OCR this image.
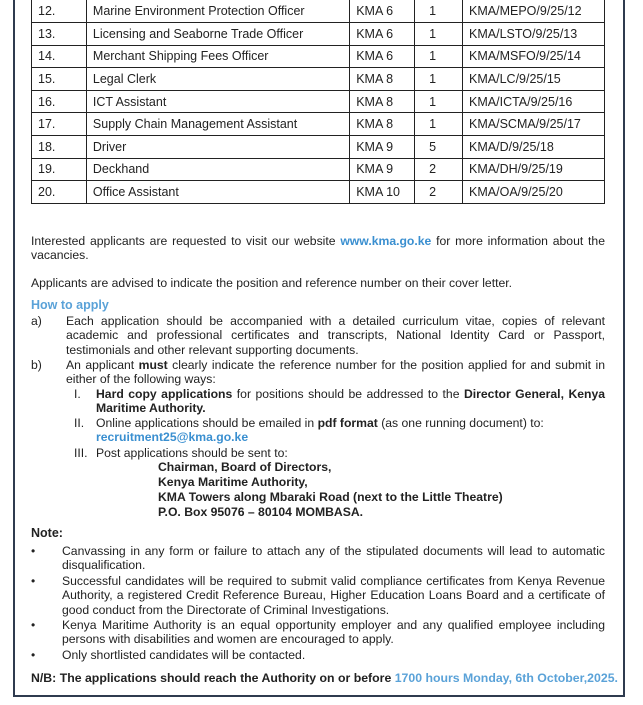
12.	Marine Environment Protection Officer	KMA 6	1	KMA/MEPO/9/25/12
13.	Licensing and Seaborne Trade Officer	KMA 6	1	KMA/LSTO/9/25/13
14.	Merchant Shipping Fees Officer	KMA 6	1	KMA/MSFO/9/25/14
15.	Legal Clerk	KMA 8	1	KMA/LC/9/25/15
16.	ICT Assistant	KMA 8	1	KMA/ICTA/9/25/16
17.	Supply Chain Management Assistant	KMA 8	1	KMA/SCMA/9/25/17
18.	Driver	KMA 9	5	KMA/D/9/25/18
19.	Deckhand	KMA 9	2	KMA/DH/9/25/19
20.	Office Assistant	KMA 10	2	KMA/OA/9/25/20
Interested applicants are requested to visit our website www.kma.go.ke for more information about the vacancies.
Applicants are advised to indicate the position and reference number on their cover letter.
How to apply
a) Each application should be accompanied with a detailed curriculum vitae, copies of relevant academic and professional certificates and transcripts, National Identity Card or Passport, testimonials and other relevant supporting documents.
b) An applicant must clearly indicate the reference number for the position applied for and submit in either of the following ways:
I. Hard copy applications for positions should be addressed to the Director General, Kenya Maritime Authority.
II. Online applications should be emailed in pdf format (as one running document) to:
recruitment25@kma.go.ke
III. Post applications should be sent to:
Chairman, Board of Directors,
Kenya Maritime Authority,
KMA Towers along Mbaraki Road (next to the Little Theatre)
P.O. Box 95076 – 80104 MOMBASA.
Note:
• Canvassing in any form or failure to attach any of the stipulated documents will lead to automatic disqualification.
• Successful candidates will be required to submit valid compliance certificates from Kenya Revenue Authority, a registered Credit Reference Bureau, Higher Education Loans Board and a certificate of good conduct from the Directorate of Criminal Investigations.
• Kenya Maritime Authority is an equal opportunity employer and any qualified employee including persons with disabilities and women are encouraged to apply.
• Only shortlisted candidates will be contacted.
N/B: The applications should reach the Authority on or before 1700 hours Monday, 6th October,2025.
